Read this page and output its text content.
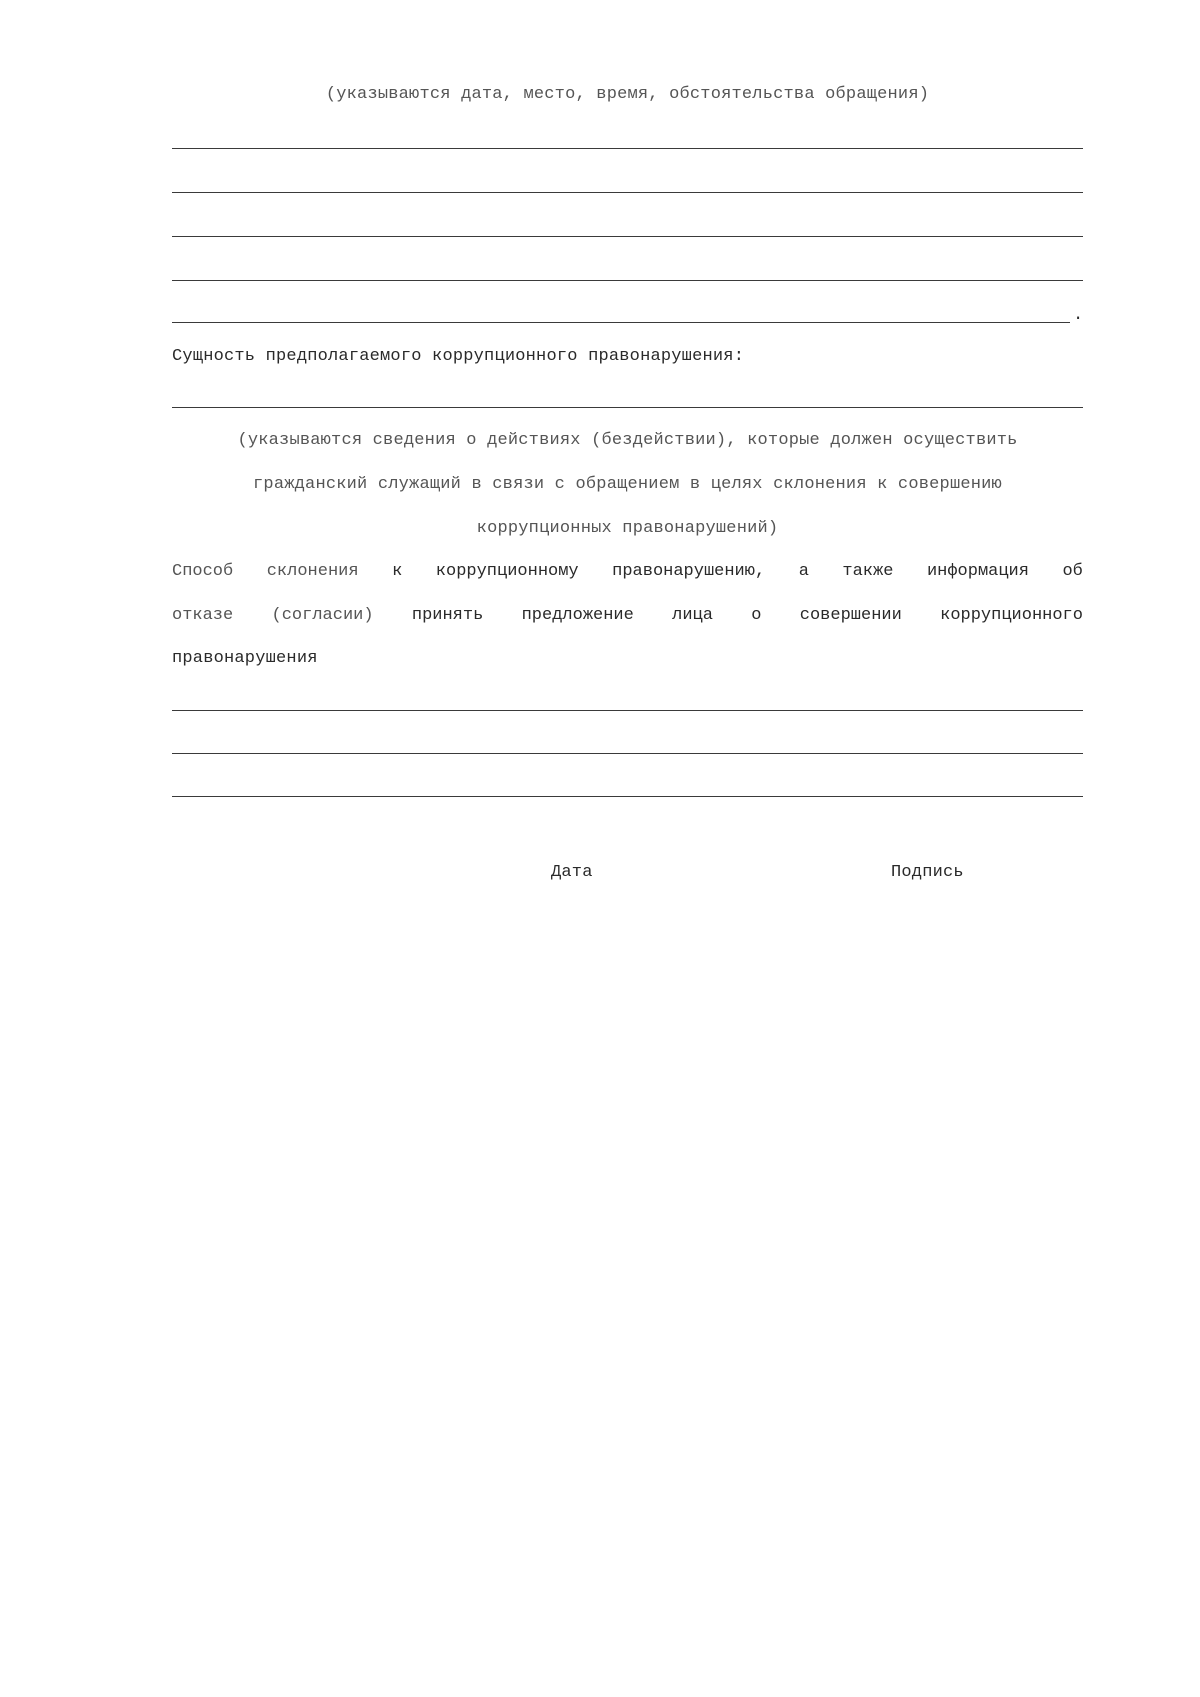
(указываются дата, место, время, обстоятельства обращения)
.
Сущность предполагаемого коррупционного правонарушения:
(указываются сведения о действиях (бездействии), которые должен осуществить
гражданский служащий в связи с обращением в целях склонения к совершению
коррупционных правонарушений)
Способ склонения к коррупционному правонарушению, а также информация об
отказе (согласии) принять предложение лица о совершении коррупционного
правонарушения
Дата	Подпись
